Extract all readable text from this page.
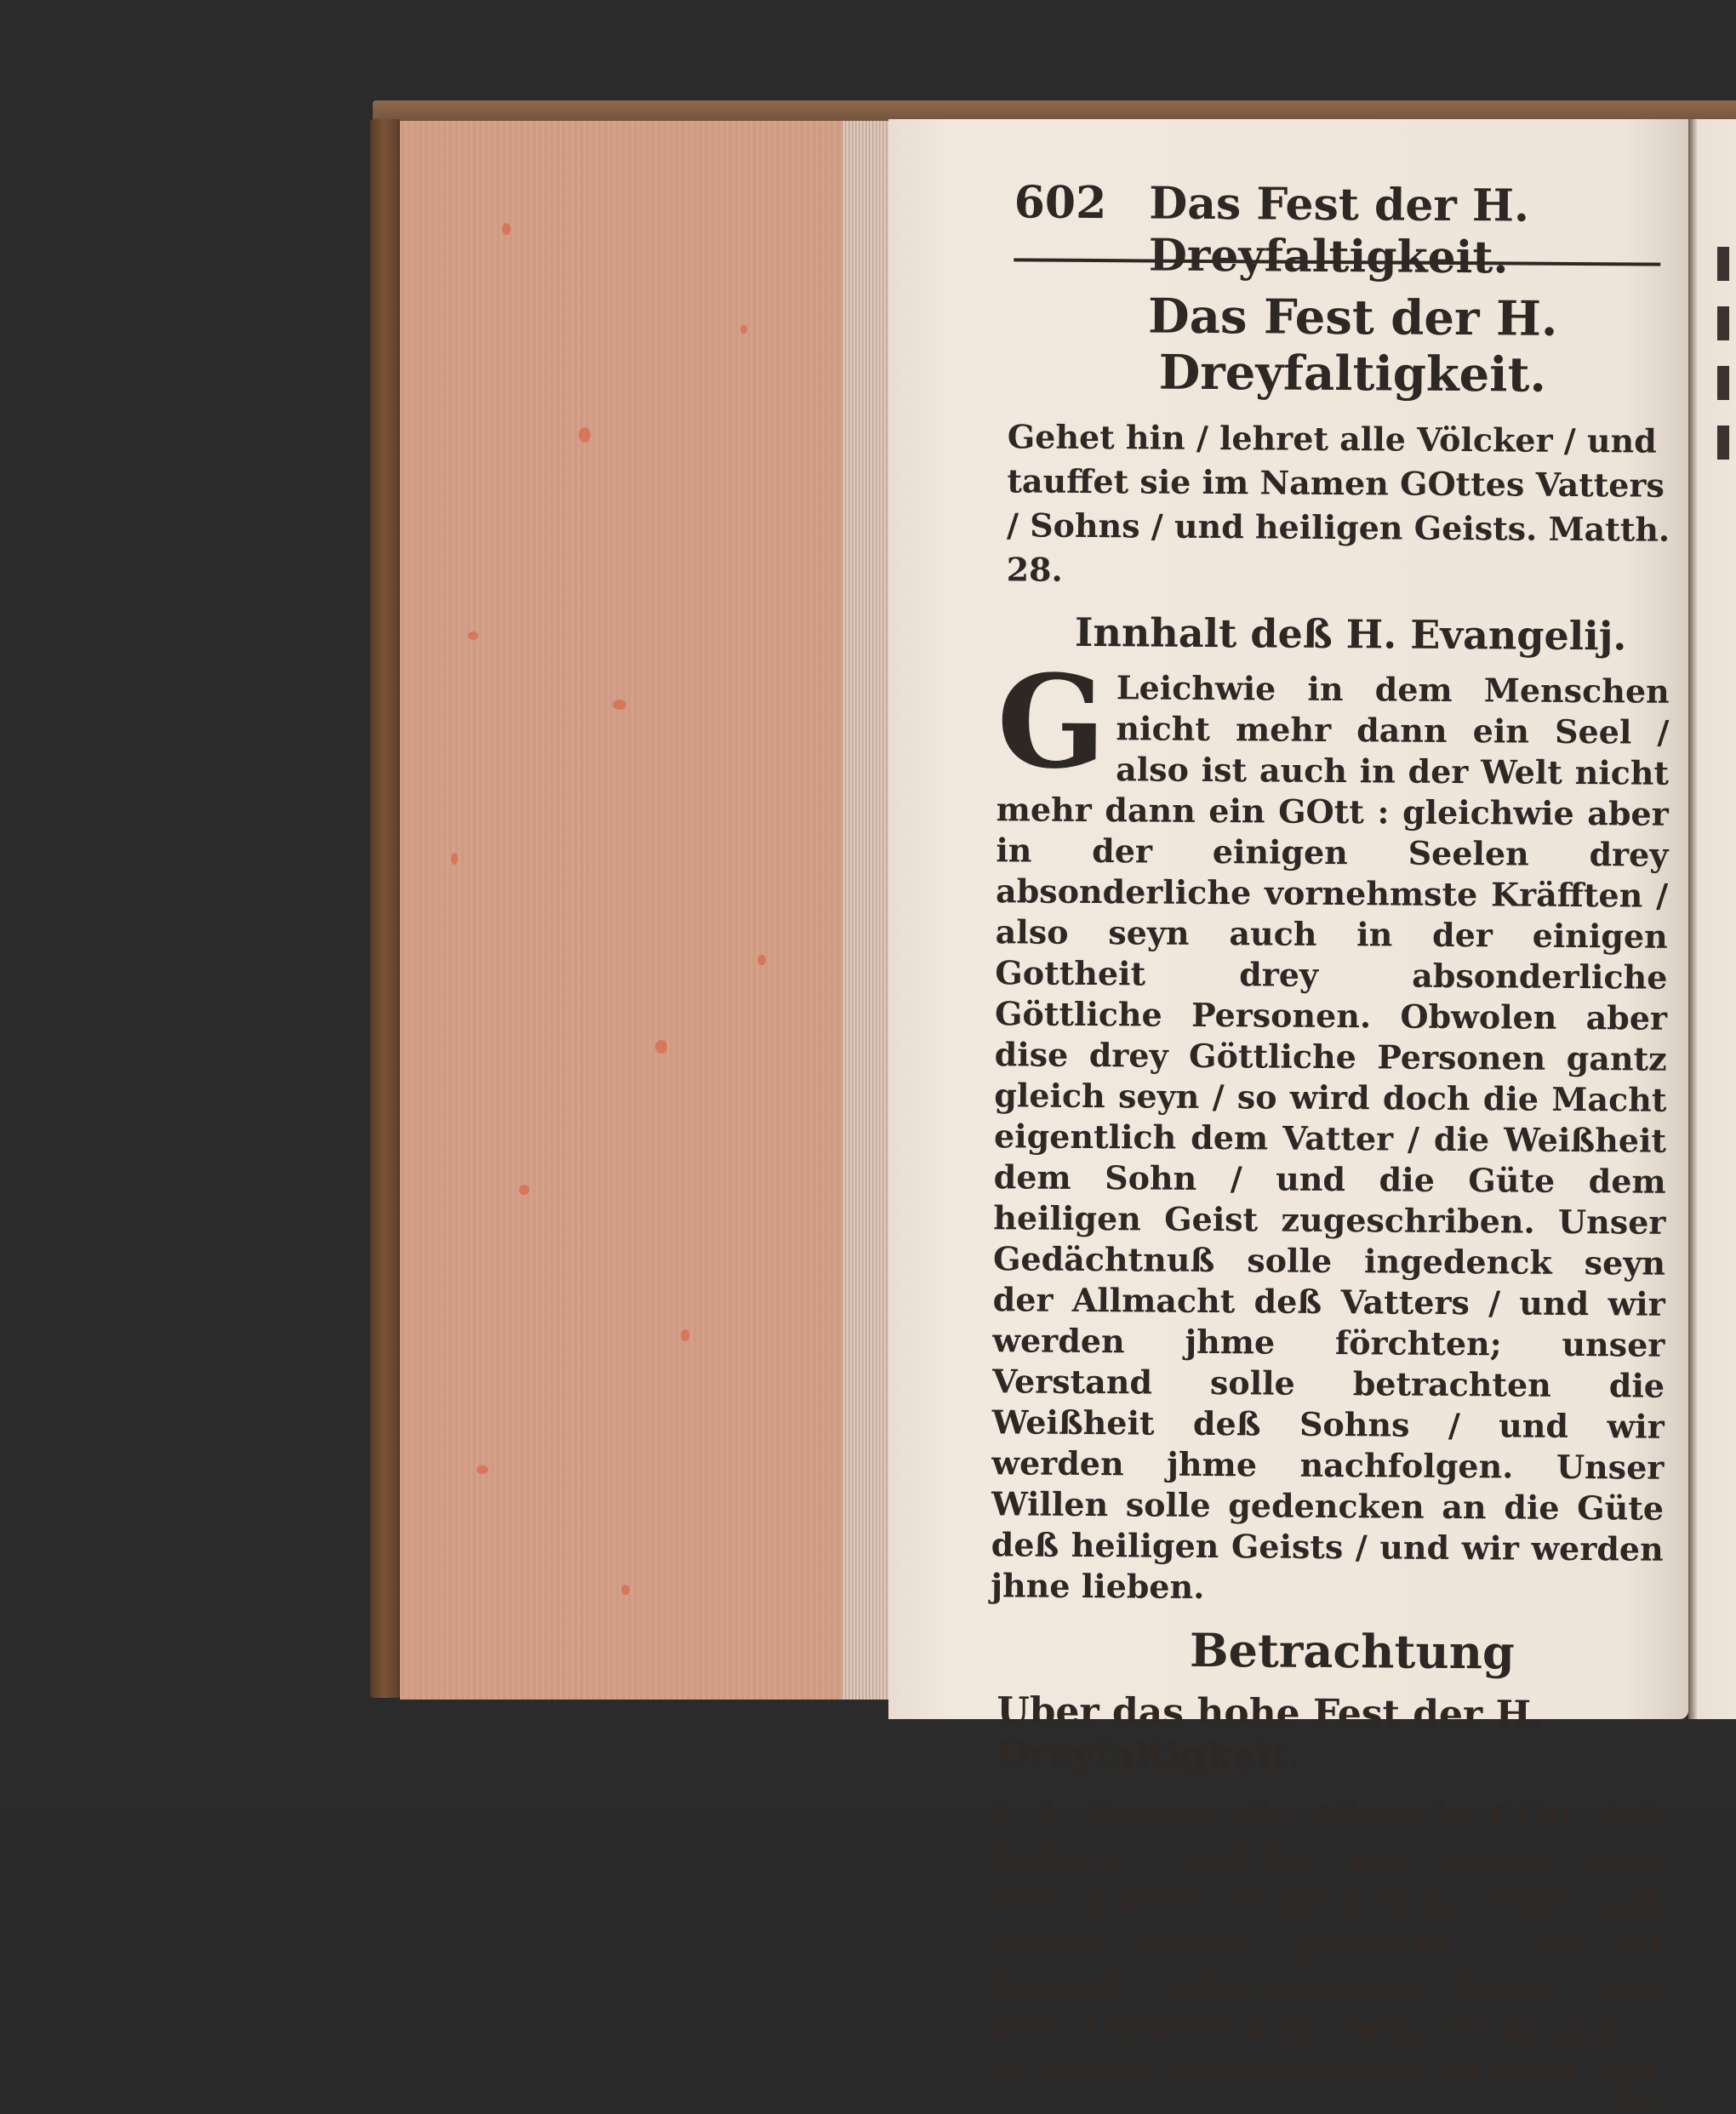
602 Das Fest der H. Dreyfaltigkeit.
Das Fest der H. Dreyfaltigkeit.
Gehet hin / lehret alle Völcker / und tauffet sie im Namen GOttes Vatters / Sohns / und heiligen Geists. Matth. 28.
Innhalt deß H. Evangelij.
G Leichwie in dem Menschen nicht mehr dann ein Seel / also ist auch in der Welt nicht mehr dann ein GOtt : gleichwie aber in der einigen Seelen drey absonderliche vornehmste Kräfften / also seyn auch in der einigen Gottheit drey absonderliche Göttliche Personen. Obwolen aber dise drey Göttliche Personen gantz gleich seyn / so wird doch die Macht eigentlich dem Vatter / die Weißheit dem Sohn / und die Güte dem heiligen Geist zugeschriben. Unser Gedächtnuß solle ingedenck seyn der Allmacht deß Vatters / und wir werden jhme förchten; unser Verstand solle betrachten die Weißheit deß Sohns / und wir werden jhme nachfolgen. Unser Willen solle gedencken an die Güte deß heiligen Geists / und wir werden jhne lieben.
Betrachtung
Uber das hohe Fest der H. Dreyfaltigkeit.
§. 1. Erwege die Allmacht GOtt deß Vatters / welcher mit einem Wort dise gantze sichtbarliche Welt auß nichts herfür gebracht ; so vil tausent widerspännige Engel auß dem Himmel auff ewig verstossen ; so grosse Wunderthaten so wohl auff
der
